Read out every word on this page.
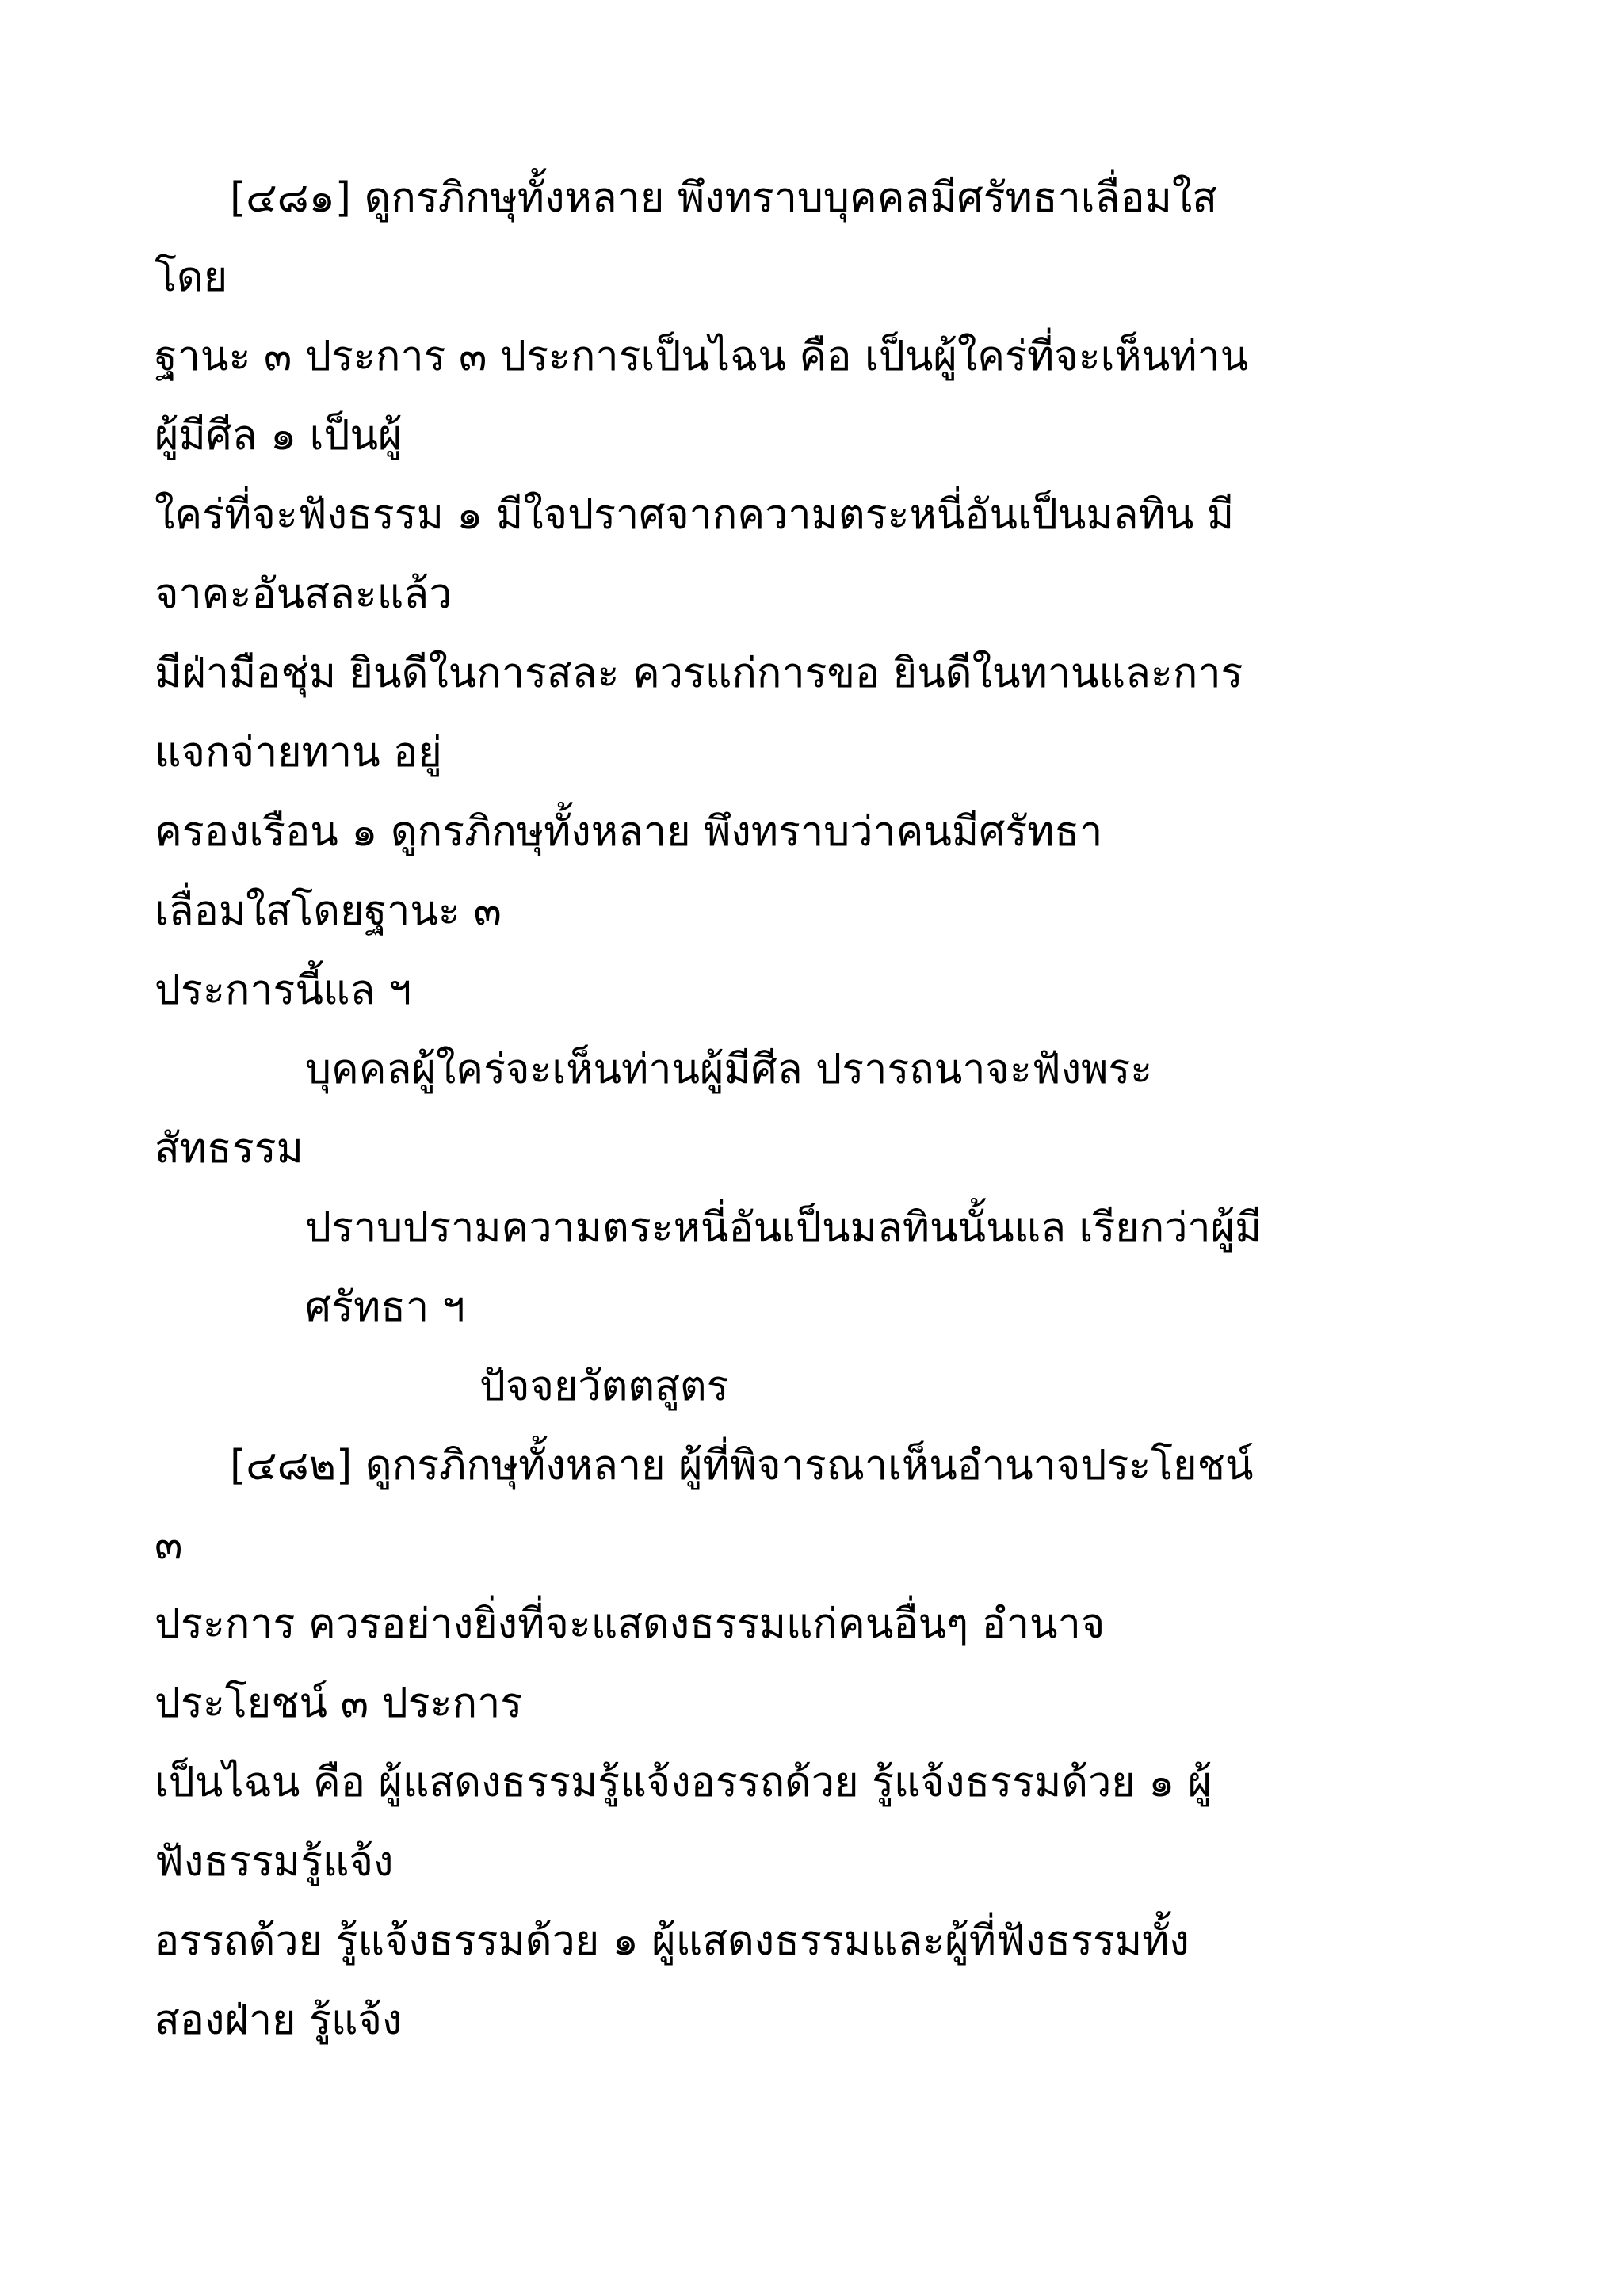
[๔๘๑] ดูกรภิกษุทั้งหลาย พึงทราบบุคคลมีศรัทธาเลื่อมใส
โดย
ฐานะ ๓ ประการ ๓ ประการเป็นไฉน คือ เป็นผู้ใคร่ที่จะเห็นท่าน
ผู้มีศีล ๑ เป็นผู้
ใคร่ที่จะฟังธรรม ๑ มีใจปราศจากความตระหนี่อันเป็นมลทิน มี
จาคะอันสละแล้ว
มีฝ่ามือชุ่ม ยินดีในการสละ ควรแก่การขอ ยินดีในทานและการ
แจกจ่ายทาน อยู่
ครองเรือน ๑ ดูกรภิกษุทั้งหลาย พึงทราบว่าคนมีศรัทธา
เลื่อมใสโดยฐานะ ๓
ประการนี้แล ฯ
บุคคลผู้ใคร่จะเห็นท่านผู้มีศีล ปรารถนาจะฟังพระ
สัทธรรม
ปราบปรามความตระหนี่อันเป็นมลทินนั้นแล เรียกว่าผู้มี
ศรัทธา ฯ
ปัจจยวัตตสูตร
[๔๘๒] ดูกรภิกษุทั้งหลาย ผู้ที่พิจารณาเห็นอำนาจประโยชน์
๓
ประการ ควรอย่างยิ่งที่จะแสดงธรรมแก่คนอื่นๆ อำนาจ
ประโยชน์ ๓ ประการ
เป็นไฉน คือ ผู้แสดงธรรมรู้แจ้งอรรถด้วย รู้แจ้งธรรมด้วย ๑ ผู้
ฟังธรรมรู้แจ้ง
อรรถด้วย รู้แจ้งธรรมด้วย ๑ ผู้แสดงธรรมและผู้ที่ฟังธรรมทั้ง
สองฝ่าย รู้แจ้ง
